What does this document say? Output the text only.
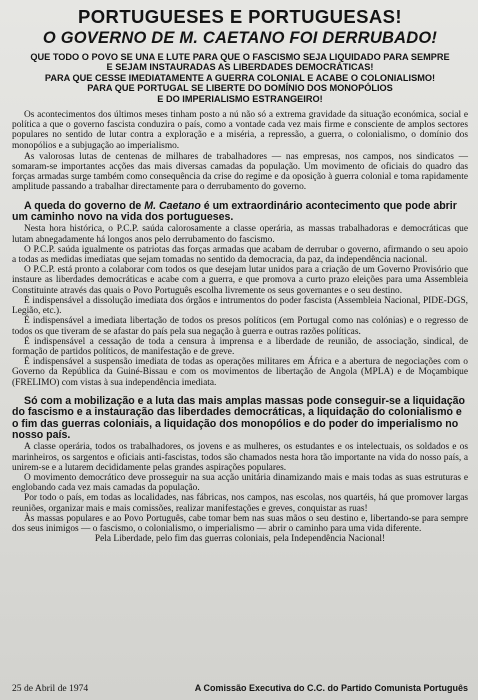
PORTUGUESES E PORTUGUESAS!
O GOVERNO DE M. CAETANO FOI DERRUBADO!
QUE TODO O POVO SE UNA E LUTE PARA QUE O FASCISMO SEJA LIQUIDADO PARA SEMPRE
E SEJAM INSTAURADAS AS LIBERDADES DEMOCRÁTICAS!
PARA QUE CESSE IMEDIATAMENTE A GUERRA COLONIAL E ACABE O COLONIALISMO!
PARA QUE PORTUGAL SE LIBERTE DO DOMÍNIO DOS MONOPÓLIOS
E DO IMPERIALISMO ESTRANGEIRO!

Os acontecimentos dos últimos meses tinham posto a nú não só a extrema gravidade da situação económica, social e política a que o governo fascista conduzira o país, como a vontade cada vez mais firme e consciente de amplos sectores populares no sentido de lutar contra a exploração e a miséria, a repressão, a guerra, o colonialismo, o domínio dos monopólios e a subjugação ao imperialismo.

As valorosas lutas de centenas de milhares de trabalhadores — nas empresas, nos campos, nos sindicatos — somaram-se importantes acções das mais diversas camadas da população. Um movimento de oficiais do quadro das forças armadas surge também como consequência da crise do regime e da oposição à guerra colonial e toma rapidamente amplitude passando a trabalhar directamente para o derrubamento do governo.

A queda do governo de M. Caetano é um extraordinário acontecimento que pode abrir um caminho novo na vida dos portugueses.

Nesta hora histórica, o P.C.P. saúda calorosamente a classe operária, as massas trabalhadoras e democráticas que lutam abnegadamente há longos anos pelo derrubamento do fascismo.

O P.C.P. saúda igualmente os patriotas das forças armadas que acabam de derrubar o governo, afirmando o seu apoio a todas as medidas imediatas que sejam tomadas no sentido da democracia, da paz, da independência nacional.

O P.C.P. está pronto a colaborar com todos os que desejam lutar unidos para a criação de um Governo Provisório que instaure as liberdades democráticas e acabe com a guerra, e que promova a curto prazo eleições para uma Assembleia Constituinte através das quais o Povo Português escolha livremente os seus governantes e o seu destino.

É indispensável a dissolução imediata dos órgãos e intrumentos do poder fascista (Assembleia Nacional, PIDE-DGS, Legião, etc.).

É indispensável a imediata libertação de todos os presos políticos (em Portugal como nas colónias) e o regresso de todos os que tiveram de se afastar do país pela sua negação à guerra e outras razões políticas.

É indispensável a cessação de toda a censura à imprensa e a liberdade de reunião, de associação, sindical, de formação de partidos políticos, de manifestação e de greve.

É indispensável a suspensão imediata de todas as operações militares em África e a abertura de negociações com o Governo da República da Guiné-Bissau e com os movimentos de libertação de Angola (MPLA) e de Moçambique (FRELIMO) com vistas à sua independência imediata.

Só com a mobilização e a luta das mais amplas massas pode conseguir-se a liquidação do fascismo e a instauração das liberdades democráticas, a liquidação do colonialismo e o fim das guerras coloniais, a liquidação dos monopólios e do poder do imperialismo no nosso país.

A classe operária, todos os trabalhadores, os jovens e as mulheres, os estudantes e os intelectuais, os soldados e os marinheiros, os sargentos e oficiais anti-fascistas, todos são chamados nesta hora tão importante na vida do nosso país, a unirem-se e a lutarem decididamente pelas grandes aspirações populares.

O movimento democrático deve prosseguir na sua acção unitária dinamizando mais e mais todas as suas estruturas e englobando cada vez mais camadas da população.

Por todo o país, em todas as localidades, nas fábricas, nos campos, nas escolas, nos quartéis, há que promover largas reuniões, organizar mais e mais comissões, realizar manifestações e greves, conquistar as ruas!

Às massas populares e ao Povo Português, cabe tomar bem nas suas mãos o seu destino e, libertando-se para sempre dos seus inimigos — o fascismo, o colonialismo, o imperialismo — abrir o caminho para uma vida diferente.

Pela Liberdade, pelo fim das guerras coloniais, pela Independência Nacional!

25 de Abril de 1974	A Comissão Executiva do C.C. do Partido Comunista Português
